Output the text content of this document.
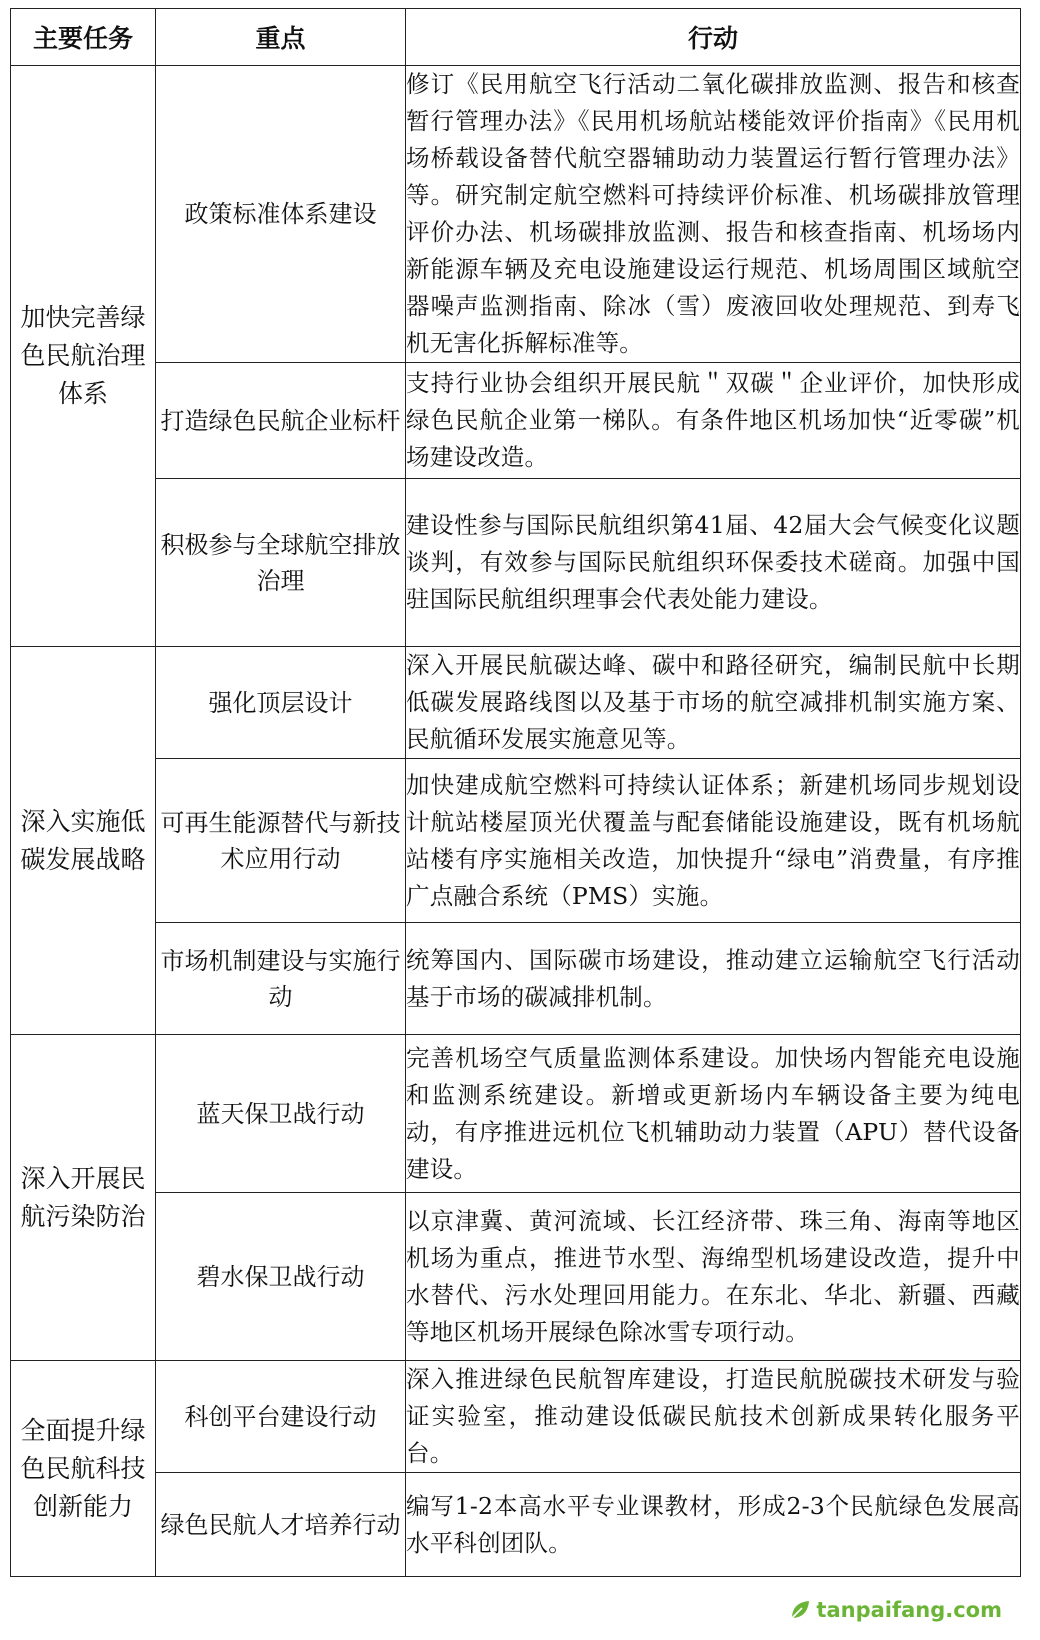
主要任务	重点	行动
加快完善绿色民航治理体系	政策标准体系建设	修订《民用航空飞行活动二氧化碳排放监测、报告和核查暂行管理办法》《民用机场航站楼能效评价指南》《民用机场桥载设备替代航空器辅助动力装置运行暂行管理办法》等。研究制定航空燃料可持续评价标准、机场碳排放管理评价办法、机场碳排放监测、报告和核查指南、机场场内新能源车辆及充电设施建设运行规范、机场周围区域航空器噪声监测指南、除冰（雪）废液回收处理规范、到寿飞机无害化拆解标准等。
	打造绿色民航企业标杆	支持行业协会组织开展民航＂双碳＂企业评价，加快形成绿色民航企业第一梯队。有条件地区机场加快“近零碳”机场建设改造。
	积极参与全球航空排放治理	建设性参与国际民航组织第41届、42届大会气候变化议题谈判，有效参与国际民航组织环保委技术磋商。加强中国驻国际民航组织理事会代表处能力建设。
深入实施低碳发展战略	强化顶层设计	深入开展民航碳达峰、碳中和路径研究，编制民航中长期低碳发展路线图以及基于市场的航空减排机制实施方案、民航循环发展实施意见等。
	可再生能源替代与新技术应用行动	加快建成航空燃料可持续认证体系；新建机场同步规划设计航站楼屋顶光伏覆盖与配套储能设施建设，既有机场航站楼有序实施相关改造，加快提升“绿电”消费量，有序推广点融合系统（PMS）实施。
	市场机制建设与实施行动	统筹国内、国际碳市场建设，推动建立运输航空飞行活动基于市场的碳减排机制。
深入开展民航污染防治	蓝天保卫战行动	完善机场空气质量监测体系建设。加快场内智能充电设施和监测系统建设。新增或更新场内车辆设备主要为纯电动，有序推进远机位飞机辅助动力装置（APU）替代设备建设。
	碧水保卫战行动	以京津冀、黄河流域、长江经济带、珠三角、海南等地区机场为重点，推进节水型、海绵型机场建设改造，提升中水替代、污水处理回用能力。在东北、华北、新疆、西藏等地区机场开展绿色除冰雪专项行动。
全面提升绿色民航科技创新能力	科创平台建设行动	深入推进绿色民航智库建设，打造民航脱碳技术研发与验证实验室，推动建设低碳民航技术创新成果转化服务平台。
	绿色民航人才培养行动	编写1-2本高水平专业课教材，形成2-3个民航绿色发展高水平科创团队。
tanpaifang.com
